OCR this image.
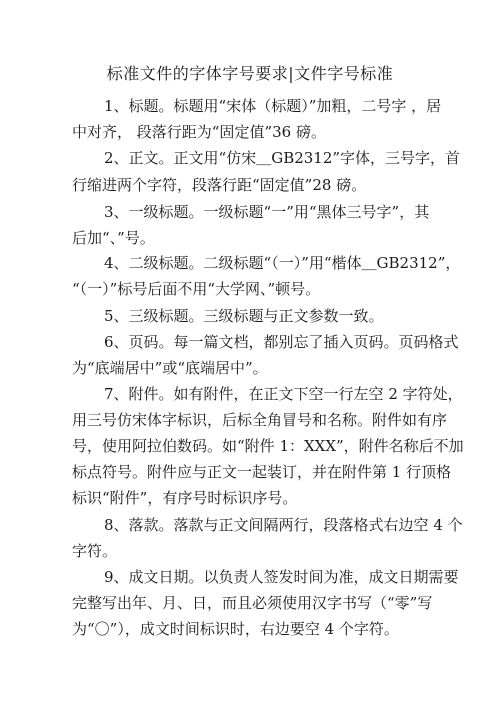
标准文件的字体字号要求|文件字号标准
1、标题。标题用“宋体（标题）”加粗，二号字 ，居
中对齐， 段落行距为“固定值”36 磅。
2、正文。正文用“仿宋＿GB2312”字体，三号字，首
行缩进两个字符，段落行距“固定值”28 磅。
3、一级标题。一级标题“一”用“黑体三号字”，其
后加“、”号。
4、二级标题。二级标题“（一）”用“楷体＿GB2312”，
“（一）”标号后面不用“大学网、”顿号。
5、三级标题。三级标题与正文参数一致。
6、页码。每一篇文档，都别忘了插入页码。页码格式
为“底端居中”或“底端居中”。
7、附件。如有附件，在正文下空一行左空 2 字符处，
用三号仿宋体字标识，后标全角冒号和名称。附件如有序
号，使用阿拉伯数码。如“附件 1：XXX”，附件名称后不加
标点符号。附件应与正文一起装订，并在附件第 1 行顶格
标识“附件”，有序号时标识序号。
8、落款。落款与正文间隔两行，段落格式右边空 4 个
字符。
9、成文日期。以负责人签发时间为准，成文日期需要
完整写出年、月、日，而且必须使用汉字书写（“零”写
为“〇”），成文时间标识时，右边要空 4 个字符。
